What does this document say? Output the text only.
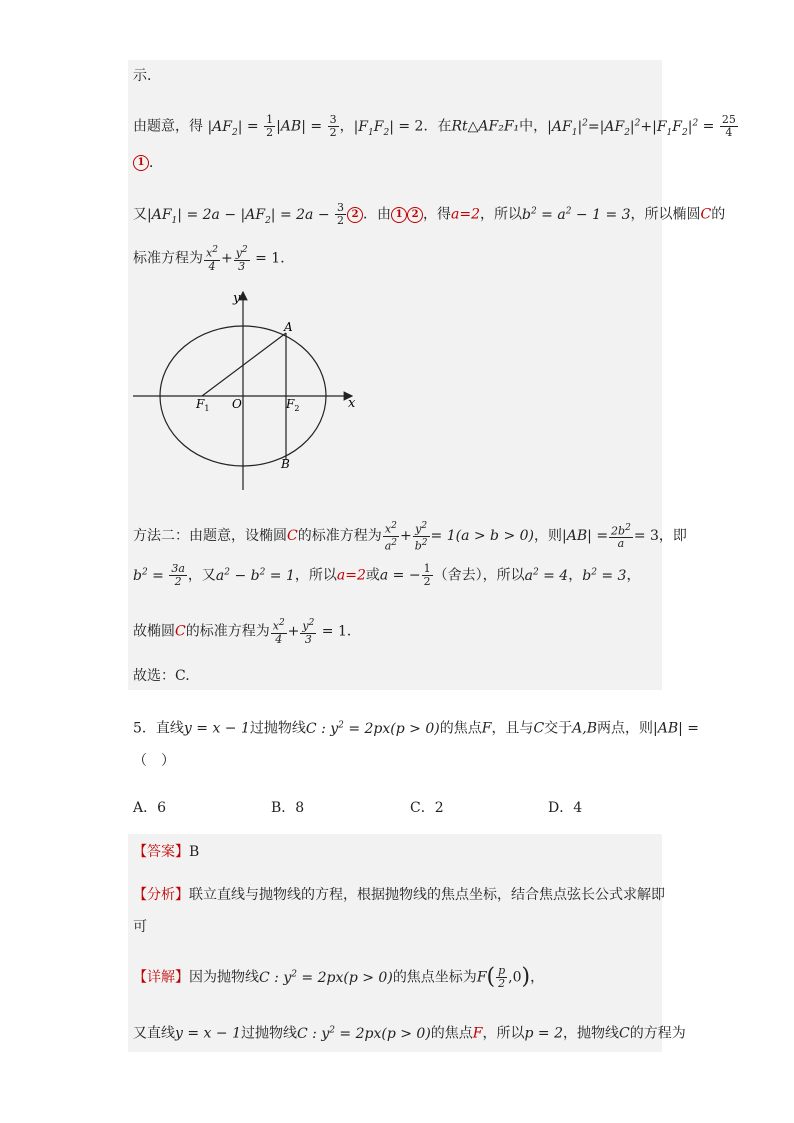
示．
由题意，得 $|AF_2| = \frac{1}{2} |AB| = \frac{3}{2}$ ，$|F_1F_2| = 2$．在Rt△AF₂F₁中，$|AF_1|^2=|AF_2|^2+|F_1F_2|^2 = \frac{25}{4}$
1 ．
又$|AF_1| = 2a - |AF_2| = 2a - \frac{3}{2} 2$ ．由 1 2 ，得a=2，所以$b^2 = a^2 - 1 = 3$，所以椭圆C的
标准方程为 $\frac{x^2}{4} + \frac{y^2}{3} = 1$．
y
x
A
B
O
$F_1$	$F_2$
方法二：由题意，设椭圆C的标准方程为 $\frac{x^2}{a^2} + \frac{y^2}{b^2} = 1(a > b > 0)$，则$|AB| = \frac{2b^2}{a} = 3$，即
$b^2 = \frac{3a}{2}$ ，又$a^2 - b^2 = 1$，所以a=2或a = − $\frac{1}{2}$ （舍去），所以$a^2 = 4$，$b^2 = 3$，
故椭圆C的标准方程为 $\frac{x^2}{4} + \frac{y^2}{3} = 1$．
故选：C.
5．直线y = x − 1过抛物线C : $y^2 = 2px(p > 0)$的焦点F，且与C交于A,B两点，则|AB| =
（　）
A．6	B．8	C．2	D．4
【答案】B
【分析】联立直线与抛物线的方程，根据抛物线的焦点坐标，结合焦点弦长公式求解即
可
【详解】因为抛物线C : $y^2 = 2px(p > 0)$的焦点坐标为$F( \frac{p}{2} ,0)$，
又直线y = x − 1过抛物线C : $y^2 = 2px(p > 0)$的焦点F，所以p = 2，抛物线C的方程为
